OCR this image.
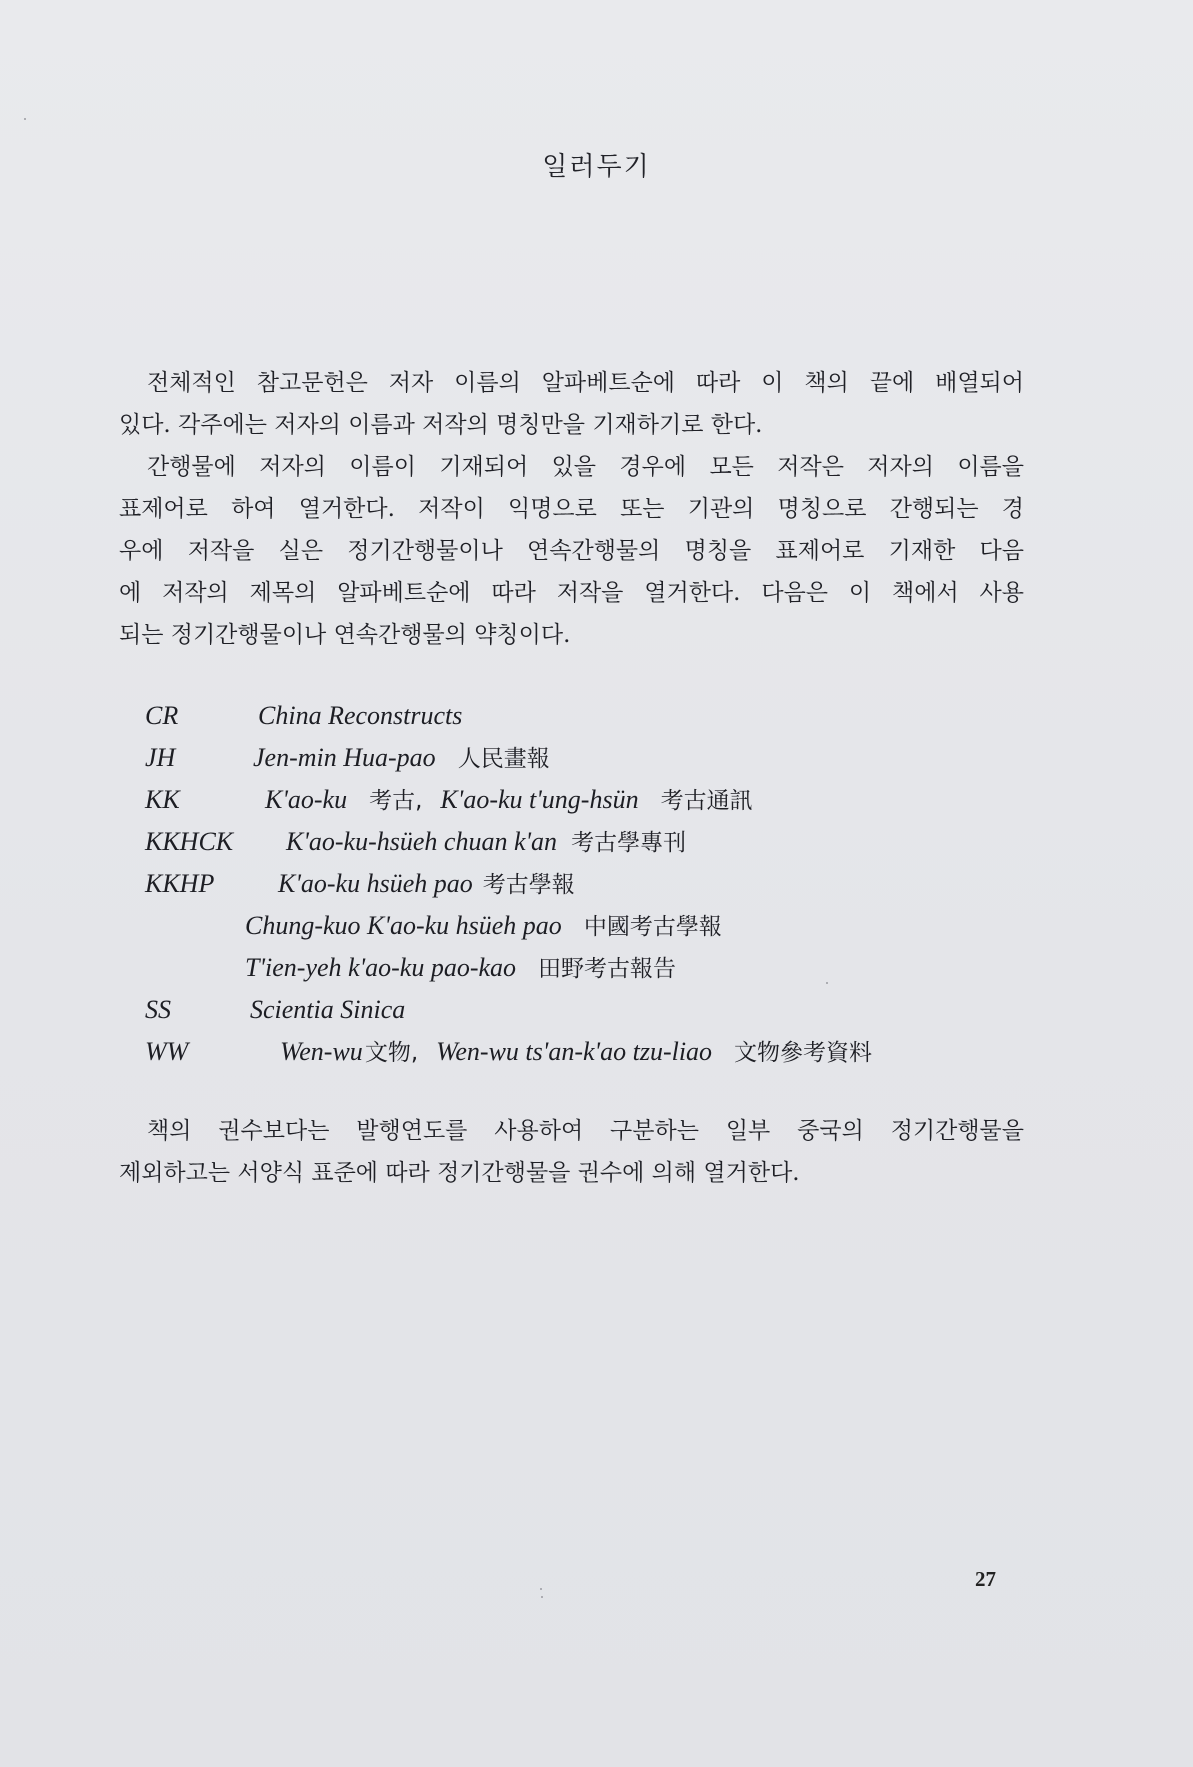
일러두기
전체적인 참고문헌은 저자 이름의 알파베트순에 따라 이 책의 끝에 배열되어
있다. 각주에는 저자의 이름과 저작의 명칭만을 기재하기로 한다.
간행물에 저자의 이름이 기재되어 있을 경우에 모든 저작은 저자의 이름을
표제어로 하여 열거한다. 저작이 익명으로 또는 기관의 명칭으로 간행되는 경
우에 저작을 실은 정기간행물이나 연속간행물의 명칭을 표제어로 기재한 다음
에 저작의 제목의 알파베트순에 따라 저작을 열거한다. 다음은 이 책에서 사용
되는 정기간행물이나 연속간행물의 약칭이다.
CR	China Reconstructs
JH	Jen-min Hua-pao 人民畫報
KK	K'ao-ku 考古, K'ao-ku t'ung-hsün 考古通訊
KKHCK K'ao-ku-hsüeh chuan k'an 考古學專刊
KKHP K'ao-ku hsüeh pao 考古學報
Chung-kuo K'ao-ku hsüeh pao 中國考古學報
T'ien-yeh k'ao-ku pao-kao 田野考古報告
SS	Scientia Sinica
WW	Wen-wu文物, Wen-wu ts'an-k'ao tzu-liao 文物參考資料
책의 권수보다는 발행연도를 사용하여 구분하는 일부 중국의 정기간행물을
제외하고는 서양식 표준에 따라 정기간행물을 권수에 의해 열거한다.
27
